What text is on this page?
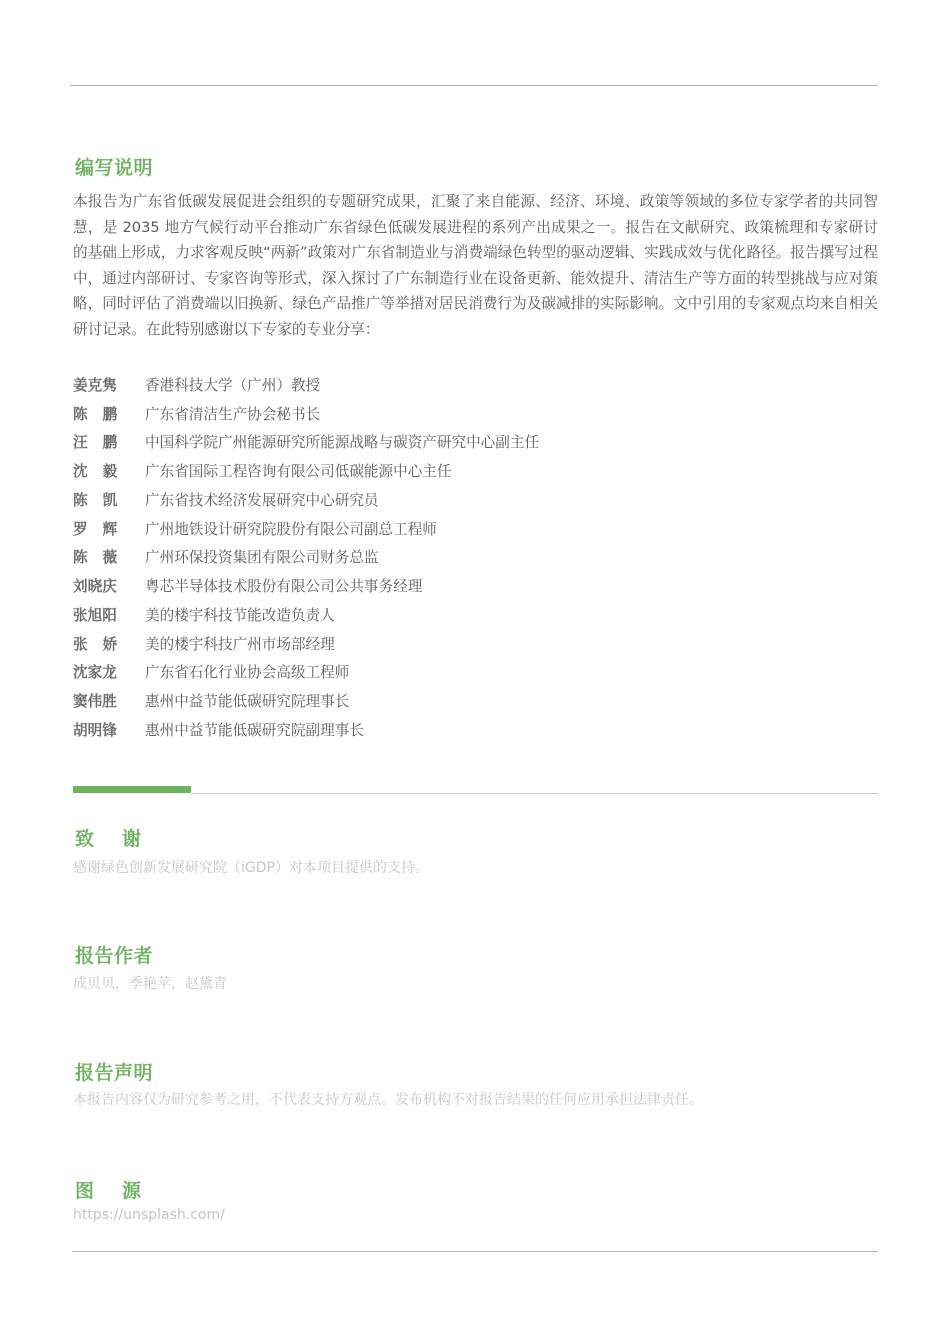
编写说明

本报告为广东省低碳发展促进会组织的专题研究成果，汇聚了来自能源、经济、环境、政策等领域的多位专家学者的共同智慧，是 2035 地方气候行动平台推动广东省绿色低碳发展进程的系列产出成果之一。报告在文献研究、政策梳理和专家研讨的基础上形成，力求客观反映“两新”政策对广东省制造业与消费端绿色转型的驱动逻辑、实践成效与优化路径。报告撰写过程中，通过内部研讨、专家咨询等形式，深入探讨了广东制造行业在设备更新、能效提升、清洁生产等方面的转型挑战与应对策略，同时评估了消费端以旧换新、绿色产品推广等举措对居民消费行为及碳减排的实际影响。文中引用的专家观点均来自相关研讨记录。在此特别感谢以下专家的专业分享：

姜克隽	香港科技大学（广州）教授
陈鹏 广东省清洁生产协会秘书长
汪鹏 中国科学院广州能源研究所能源战略与碳资产研究中心副主任
沈毅 广东省国际工程咨询有限公司低碳能源中心主任
陈凯 广东省技术经济发展研究中心研究员
罗辉 广州地铁设计研究院股份有限公司副总工程师
陈薇 广州环保投资集团有限公司财务总监
刘晓庆	粤芯半导体技术股份有限公司公共事务经理
张旭阳	美的楼宇科技节能改造负责人
张娇 美的楼宇科技广州市场部经理
沈家龙	广东省石化行业协会高级工程师
窦伟胜	惠州中益节能低碳研究院理事长
胡明锋	惠州中益节能低碳研究院副理事长
致谢

感谢绿色创新发展研究院（iGDP）对本项目提供的支持。

报告作者

成贝贝，季艳苹，赵黛青

报告声明

本报告内容仅为研究参考之用，不代表支持方观点。发布机构不对报告结果的任何应用承担法律责任。

图源

https://unsplash.com/
